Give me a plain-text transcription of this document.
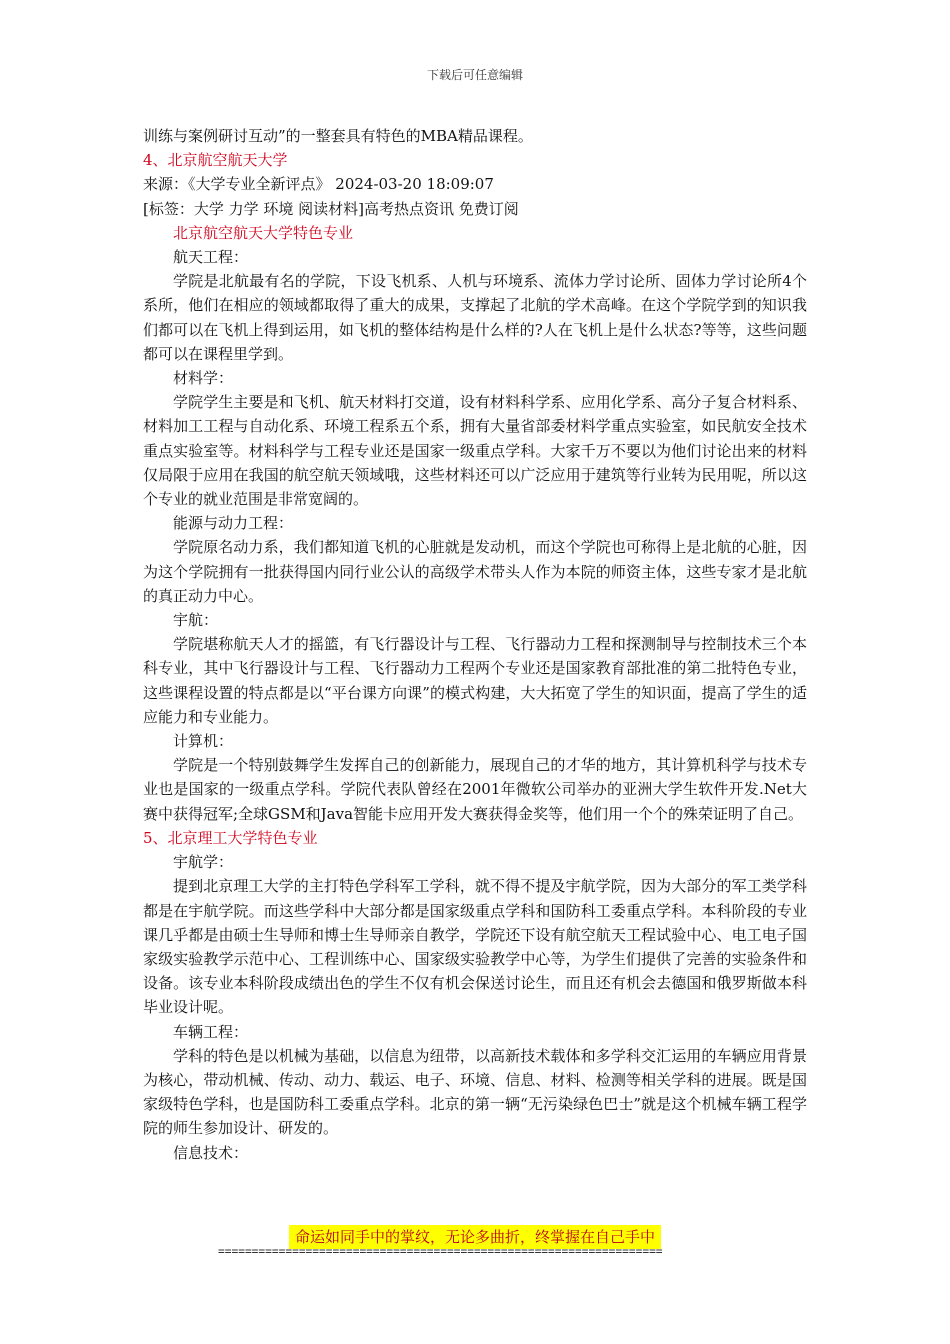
下载后可任意编辑

训练与案例研讨互动”的一整套具有特色的MBA精品课程。

4、北京航空航天大学

来源：《大学专业全新评点》 2024-03-20 18:09:07

[标签：大学 力学 环境 阅读材料]高考热点资讯 免费订阅

北京航空航天大学特色专业

航天工程：

学院是北航最有名的学院，下设飞机系、人机与环境系、流体力学讨论所、固体力学讨论所4个系所，他们在相应的领域都取得了重大的成果，支撑起了北航的学术高峰。在这个学院学到的知识我们都可以在飞机上得到运用，如飞机的整体结构是什么样的?人在飞机上是什么状态?等等，这些问题都可以在课程里学到。

材料学：

学院学生主要是和飞机、航天材料打交道，设有材料科学系、应用化学系、高分子复合材料系、材料加工工程与自动化系、环境工程系五个系，拥有大量省部委材料学重点实验室，如民航安全技术重点实验室等。材料科学与工程专业还是国家一级重点学科。大家千万不要以为他们讨论出来的材料仅局限于应用在我国的航空航天领域哦，这些材料还可以广泛应用于建筑等行业转为民用呢，所以这个专业的就业范围是非常宽阔的。

能源与动力工程：

学院原名动力系，我们都知道飞机的心脏就是发动机，而这个学院也可称得上是北航的心脏，因为这个学院拥有一批获得国内同行业公认的高级学术带头人作为本院的师资主体，这些专家才是北航的真正动力中心。

宇航：

学院堪称航天人才的摇篮，有飞行器设计与工程、飞行器动力工程和探测制导与控制技术三个本科专业，其中飞行器设计与工程、飞行器动力工程两个专业还是国家教育部批准的第二批特色专业，这些课程设置的特点都是以“平台课方向课”的模式构建，大大拓宽了学生的知识面，提高了学生的适应能力和专业能力。

计算机：

学院是一个特别鼓舞学生发挥自己的创新能力，展现自己的才华的地方，其计算机科学与技术专业也是国家的一级重点学科。学院代表队曾经在2001年微软公司举办的亚洲大学生软件开发.Net大赛中获得冠军;全球GSM和Java智能卡应用开发大赛获得金奖等，他们用一个个的殊荣证明了自己。

5、北京理工大学特色专业

宇航学：

提到北京理工大学的主打特色学科军工学科，就不得不提及宇航学院，因为大部分的军工类学科都是在宇航学院。而这些学科中大部分都是国家级重点学科和国防科工委重点学科。本科阶段的专业课几乎都是由硕士生导师和博士生导师亲自教学，学院还下设有航空航天工程试验中心、电工电子国家级实验教学示范中心、工程训练中心、国家级实验教学中心等，为学生们提供了完善的实验条件和设备。该专业本科阶段成绩出色的学生不仅有机会保送讨论生，而且还有机会去德国和俄罗斯做本科毕业设计呢。

车辆工程：

学科的特色是以机械为基础，以信息为纽带，以高新技术载体和多学科交汇运用的车辆应用背景为核心，带动机械、传动、动力、载运、电子、环境、信息、材料、检测等相关学科的进展。既是国家级特色学科，也是国防科工委重点学科。北京的第一辆“无污染绿色巴士”就是这个机械车辆工程学院的师生参加设计、研发的。

信息技术：

命运如同手中的掌纹，无论多曲折，终掌握在自己手中
==================================================================
